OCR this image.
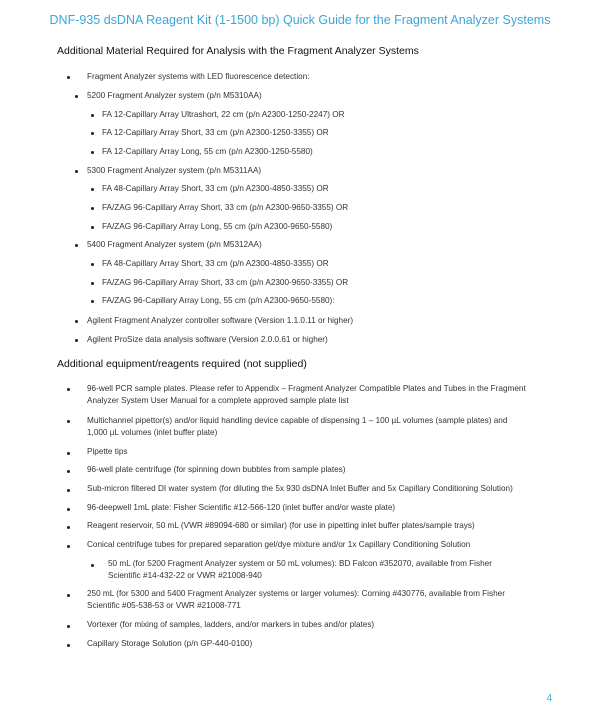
DNF-935 dsDNA Reagent Kit (1-1500 bp) Quick Guide for the Fragment Analyzer Systems
Additional Material Required for Analysis with the Fragment Analyzer Systems
Fragment Analyzer systems with LED fluorescence detection:
5200 Fragment Analyzer system (p/n M5310AA)
FA 12-Capillary Array Ultrashort, 22 cm (p/n A2300-1250-2247) OR
FA 12-Capillary Array Short, 33 cm (p/n A2300-1250-3355) OR
FA 12-Capillary Array Long, 55 cm (p/n A2300-1250-5580)
5300 Fragment Analyzer system (p/n M5311AA)
FA 48-Capillary Array Short, 33 cm (p/n A2300-4850-3355) OR
FA/ZAG 96-Capillary Array Short, 33 cm (p/n A2300-9650-3355) OR
FA/ZAG 96-Capillary Array Long, 55 cm (p/n A2300-9650-5580)
5400 Fragment Analyzer system (p/n M5312AA)
FA 48-Capillary Array Short, 33 cm (p/n A2300-4850-3355) OR
FA/ZAG 96-Capillary Array Short, 33 cm (p/n A2300-9650-3355) OR
FA/ZAG 96-Capillary Array Long, 55 cm (p/n A2300-9650-5580):
Agilent Fragment Analyzer controller software (Version 1.1.0.11 or higher)
Agilent ProSize data analysis software (Version 2.0.0.61 or higher)
Additional equipment/reagents required (not supplied)
96-well PCR sample plates. Please refer to Appendix – Fragment Analyzer Compatible Plates and Tubes in the Fragment
Analyzer System User Manual for a complete approved sample plate list
Multichannel pipettor(s) and/or liquid handling device capable of dispensing 1 – 100 µL volumes (sample plates) and
1,000 µL volumes (inlet buffer plate)
Pipette tips
96-well plate centrifuge (for spinning down bubbles from sample plates)
Sub-micron filtered DI water system (for diluting the 5x 930 dsDNA Inlet Buffer and 5x Capillary Conditioning Solution)
96-deepwell 1mL plate: Fisher Scientific #12-566-120 (inlet buffer and/or waste plate)
Reagent reservoir, 50 mL (VWR #89094-680 or similar) (for use in pipetting inlet buffer plates/sample trays)
Conical centrifuge tubes for prepared separation gel/dye mixture and/or 1x Capillary Conditioning Solution
50 mL (for 5200 Fragment Analyzer system or 50 mL volumes): BD Falcon #352070, available from Fisher
Scientific #14-432-22 or VWR #21008-940
250 mL (for 5300 and 5400 Fragment Analyzer systems or larger volumes): Corning #430776, available from Fisher
Scientific #05-538-53 or VWR #21008-771
Vortexer (for mixing of samples, ladders, and/or markers in tubes and/or plates)
Capillary Storage Solution (p/n GP-440-0100)
4
